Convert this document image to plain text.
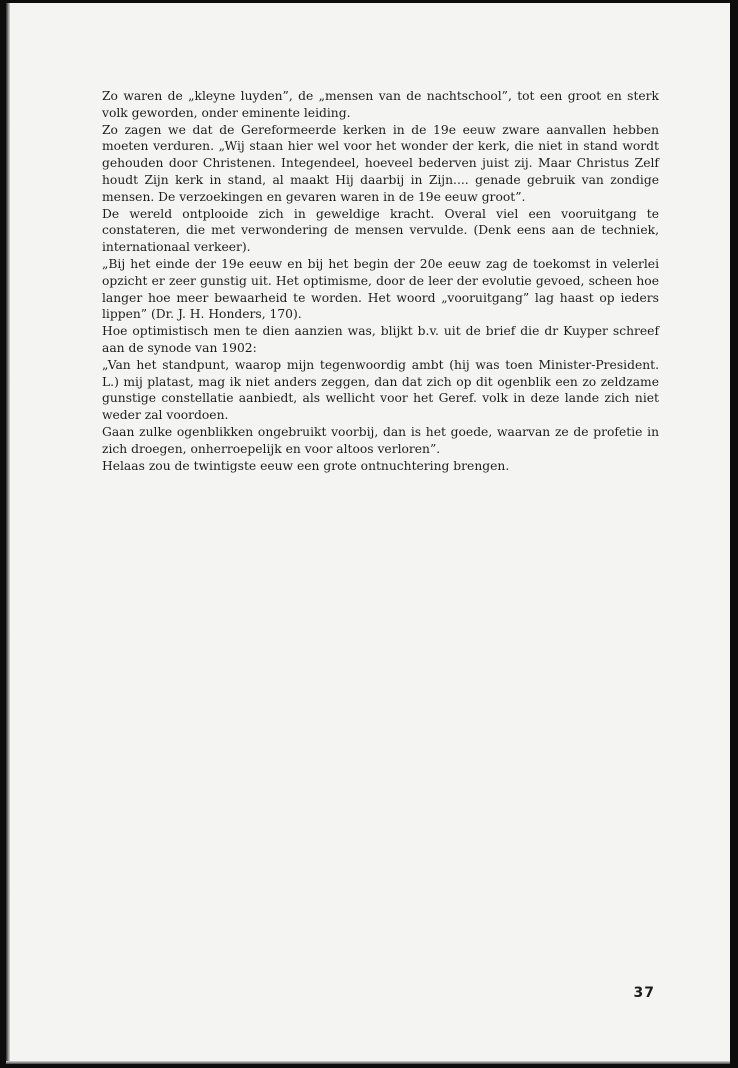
Zo waren de „kleyne luyden”, de „mensen van de nachtschool”, tot een groot en sterk volk geworden, onder eminente leiding.

Zo zagen we dat de Gereformeerde kerken in de 19e eeuw zware aanvallen hebben moeten verduren. „Wij staan hier wel voor het wonder der kerk, die niet in stand wordt gehouden door Christenen. Integendeel, hoeveel bederven juist zij. Maar Christus Zelf houdt Zijn kerk in stand, al maakt Hij daarbij in Zijn.... genade gebruik van zondige mensen. De verzoekingen en gevaren waren in de 19e eeuw groot”.

De wereld ontplooide zich in geweldige kracht. Overal viel een vooruitgang te constateren, die met verwondering de mensen vervulde. (Denk eens aan de techniek, internationaal verkeer).

„Bij het einde der 19e eeuw en bij het begin der 20e eeuw zag de toekomst in velerlei opzicht er zeer gunstig uit. Het optimisme, door de leer der evolutie gevoed, scheen hoe langer hoe meer bewaarheid te worden. Het woord „vooruitgang” lag haast op ieders lippen” (Dr. J. H. Honders, 170).

Hoe optimistisch men te dien aanzien was, blijkt b.v. uit de brief die dr Kuyper schreef aan de synode van 1902:

„Van het standpunt, waarop mijn tegenwoordig ambt (hij was toen Minister-President. L.) mij platast, mag ik niet anders zeggen, dan dat zich op dit ogenblik een zo zeldzame gunstige constellatie aanbiedt, als wellicht voor het Geref. volk in deze lande zich niet weder zal voordoen.

Gaan zulke ogenblikken ongebruikt voorbij, dan is het goede, waarvan ze de profetie in zich droegen, onherroepelijk en voor altoos verloren”.

Helaas zou de twintigste eeuw een grote ontnuchtering brengen.

37
